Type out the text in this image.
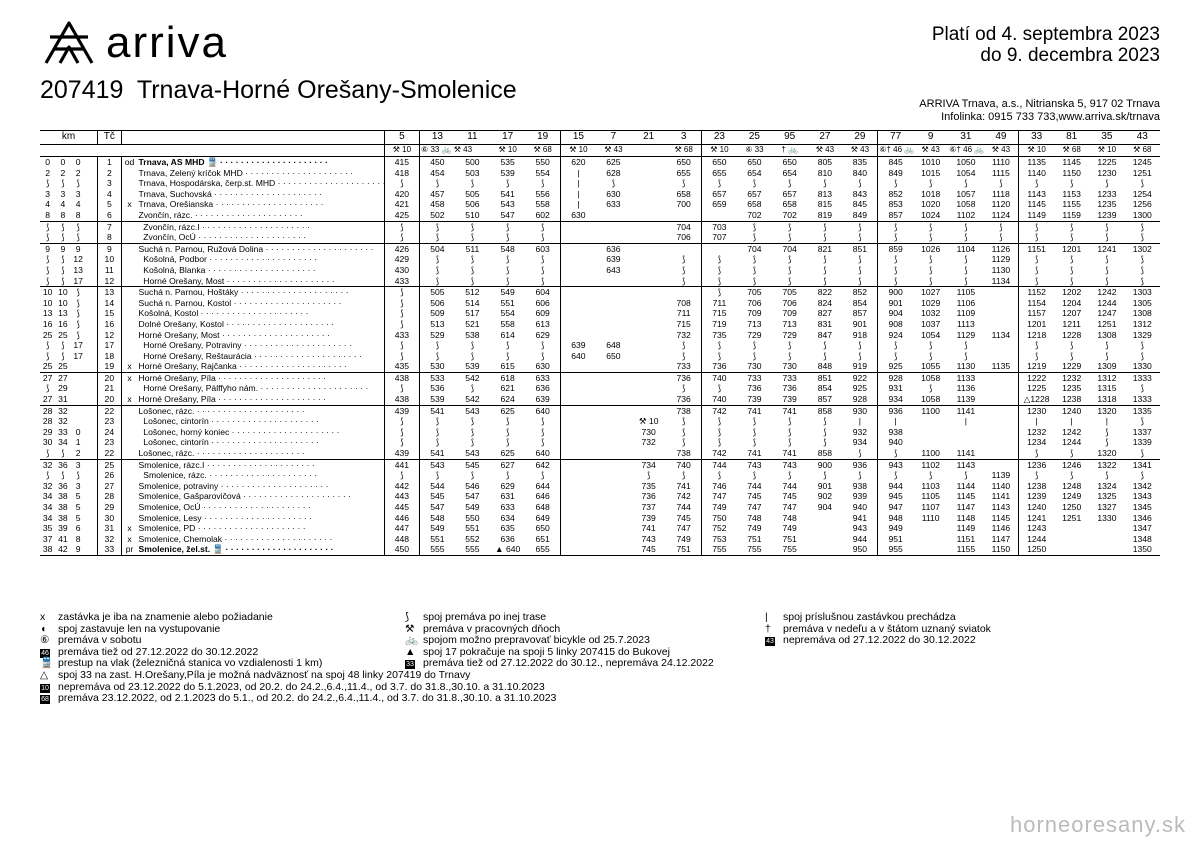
arriva	Platí od 4. septembra 2023
do 9. decembra 2023
207419 Trnava-Horné Orešany-Smolenice	ARRIVA Trnava, a.s., Nitrianska 5, 917 02 Trnava
Infolinka: 0915 733 733,www.arriva.sk/trnava
km				Tč			5	13	11	17	19	15	7	21	3	23	25	95	27	29	77	9	31	49	33	81	35	43
							⚒ 10	⑥ 33 🚲 ⚒ 43		⚒ 10	⚒ 68	⚒ 10	⚒ 43		⚒ 68	⚒ 10	⑥ 33	† 🚲	⚒ 43	⚒ 43	⑥† 46 🚲	⚒ 43	⑥† 46 🚲	⚒ 43	⚒ 10	⚒ 68	⚒ 10	⚒ 68
0	0	0		1	od	Trnava, AS MHD 🚆 · · · · · · · · · · · · · · · · · · · · ·	415	450	500	535	550	620	625		650	650	650	650	805	835	845	1010	1050	1110	1135	1145	1225	1245
2	2	2		2		Trnava, Zelený kríčok MHD · · · · · · · · · · · · · · · · · · · · ·	418	454	503	539	554	|	628		655	655	654	654	810	840	849	1015	1054	1115	1140	1150	1230	1251
⟆	⟆	⟆		3		Trnava, Hospodárska, čerp.st. MHD · · · · · · · · · · · · · · · · · · · · ·	⟆	⟆	⟆	⟆	⟆	|	⟆		⟆	⟆	⟆	⟆	⟆	⟆	⟆	⟆	⟆	⟆	⟆	⟆	⟆	⟆
3	3	3		4		Trnava, Suchovská · · · · · · · · · · · · · · · · · · · · ·	420	457	505	541	556	|	630		658	657	657	657	813	843	852	1018	1057	1118	1143	1153	1233	1254
4	4	4		5	x	Trnava, Orešianska · · · · · · · · · · · · · · · · · · · · ·	421	458	506	543	558	|	633		700	659	658	658	815	845	853	1020	1058	1120	1145	1155	1235	1256
8	8	8		6		Zvončín, rázc. · · · · · · · · · · · · · · · · · · · · ·	425	502	510	547	602	630					702	702	819	849	857	1024	1102	1124	1149	1159	1239	1300
⟆	⟆	⟆		7		Zvončín, rázc.I · · · · · · · · · · · · · · · · · · · · ·	⟆	⟆	⟆	⟆	⟆				704	703	⟆	⟆	⟆	⟆	⟆	⟆	⟆	⟆	⟆	⟆	⟆	⟆
⟆	⟆	⟆		8		Zvončín, OcÚ · · · · · · · · · · · · · · · · · · · · ·	⟆	⟆	⟆	⟆	⟆				706	707	⟆	⟆	⟆	⟆	⟆	⟆	⟆	⟆	⟆	⟆	⟆	⟆
9	9	9		9		Suchá n. Parnou, Ružová Dolina · · · · · · · · · · · · · · · · · · · · ·	426	504	511	548	603		636				704	704	821	851	859	1026	1104	1126	1151	1201	1241	1302
⟆	⟆	12		10		Košolná, Podbor · · · · · · · · · · · · · · · · · · · · ·	429	⟆	⟆	⟆	⟆		639		⟆	⟆	⟆	⟆	⟆	⟆	⟆	⟆	⟆	1129	⟆	⟆	⟆	⟆
⟆	⟆	13		11		Košolná, Blanka · · · · · · · · · · · · · · · · · · · · ·	430	⟆	⟆	⟆	⟆		643		⟆	⟆	⟆	⟆	⟆	⟆	⟆	⟆	⟆	1130	⟆	⟆	⟆	⟆
⟆	⟆	17		12		Horné Orešany, Most · · · · · · · · · · · · · · · · · · · · ·	433	⟆	⟆	⟆	⟆				⟆	⟆	⟆	⟆	⟆	⟆	⟆	⟆	⟆	1134	⟆	⟆	⟆	⟆
10	10	⟆		13		Suchá n. Parnou, Hoštáky · · · · · · · · · · · · · · · · · · · · ·	⟆	505	512	549	604					⟆	705	705	822	852	900	1027	1105		1152	1202	1242	1303
10	10	⟆		14		Suchá n. Parnou, Kostol · · · · · · · · · · · · · · · · · · · · ·	⟆	506	514	551	606				708	711	706	706	824	854	901	1029	1106		1154	1204	1244	1305
13	13	⟆		15		Košolná, Kostol · · · · · · · · · · · · · · · · · · · · ·	⟆	509	517	554	609				711	715	709	709	827	857	904	1032	1109		1157	1207	1247	1308
16	16	⟆		16		Dolné Orešany, Kostol · · · · · · · · · · · · · · · · · · · · ·	⟆	513	521	558	613				715	719	713	713	831	901	908	1037	1113		1201	1211	1251	1312
25	25	⟆		12		Horné Orešany, Most · · · · · · · · · · · · · · · · · · · · ·	433	529	538	614	629				732	735	729	729	847	918	924	1054	1129	1134	1218	1228	1308	1329
⟆	⟆	17		17		Horné Orešany, Potraviny · · · · · · · · · · · · · · · · · · · · ·	⟆	⟆	⟆	⟆	⟆	639	648		⟆	⟆	⟆	⟆	⟆	⟆	⟆	⟆	⟆		⟆	⟆	⟆	⟆
⟆	⟆	17		18		Horné Orešany, Reštaurácia · · · · · · · · · · · · · · · · · · · · ·	⟆	⟆	⟆	⟆	⟆	640	650		⟆	⟆	⟆	⟆	⟆	⟆	⟆	⟆	⟆		⟆	⟆	⟆	⟆
25	25			19	x	Horné Orešany, Rajčanka · · · · · · · · · · · · · · · · · · · · ·	435	530	539	615	630				733	736	730	730	848	919	925	1055	1130	1135	1219	1229	1309	1330
27	27			20	x	Horné Orešany, Píla · · · · · · · · · · · · · · · · · · · · ·	438	533	542	618	633				736	740	733	733	851	922	928	1058	1133		1222	1232	1312	1333
⟆	29			21		Horné Orešany, Pálffyho nám. · · · · · · · · · · · · · · · · · · · · ·	⟆	536	⟆	621	636				⟆	⟆	736	736	854	925	931	⟆	1136		1225	1235	1315	⟆
27	31			20	x	Horné Orešany, Píla · · · · · · · · · · · · · · · · · · · · ·	438	539	542	624	639				736	740	739	739	857	928	934	1058	1139		△1228	1238	1318	1333
28	32			22		Lošonec, rázc. · · · · · · · · · · · · · · · · · · · · ·	439	541	543	625	640				738	742	741	741	858	930	936	1100	1141		1230	1240	1320	1335
28	32			23		Lošonec, cintorín · · · · · · · · · · · · · · · · · · · · ·	⟆	⟆	⟆	⟆	⟆			⚒ 10	⟆	⟆	⟆	⟆	⟆	|	|		|		|	|	|	⟆
29	33	0		24		Lošonec, horný koniec · · · · · · · · · · · · · · · · · · · · ·	⟆	⟆	⟆	⟆	⟆			730	⟆	⟆	⟆	⟆	⟆	932	938				1232	1242	⟆	1337
30	34	1		23		Lošonec, cintorín · · · · · · · · · · · · · · · · · · · · ·	⟆	⟆	⟆	⟆	⟆			732	⟆	⟆	⟆	⟆	⟆	934	940				1234	1244	⟆	1339
⟆	⟆	2		22		Lošonec, rázc. · · · · · · · · · · · · · · · · · · · · ·	439	541	543	625	640				738	742	741	741	858	⟆	⟆	1100	1141		⟆	⟆	1320	⟆
32	36	3		25		Smolenice, rázc.I · · · · · · · · · · · · · · · · · · · · ·	441	543	545	627	642			734	740	744	743	743	900	936	943	1102	1143		1236	1246	1322	1341
⟆	⟆	⟆		26		Smolenice, rázc. · · · · · · · · · · · · · · · · · · · · ·	⟆	⟆	⟆	⟆	⟆			⟆	⟆	⟆	⟆	⟆	⟆	⟆	⟆	⟆	⟆	1139	⟆	⟆	⟆	⟆
32	36	3		27		Smolenice, potraviny · · · · · · · · · · · · · · · · · · · · ·	442	544	546	629	644			735	741	746	744	744	901	938	944	1103	1144	1140	1238	1248	1324	1342
34	38	5		28		Smolenice, Gašparovičová · · · · · · · · · · · · · · · · · · · · ·	443	545	547	631	646			736	742	747	745	745	902	939	945	1105	1145	1141	1239	1249	1325	1343
34	38	5		29		Smolenice, OcÚ · · · · · · · · · · · · · · · · · · · · ·	445	547	549	633	648			737	744	749	747	747	904	940	947	1107	1147	1143	1240	1250	1327	1345
34	38	5		30		Smolenice, Lesy · · · · · · · · · · · · · · · · · · · · ·	446	548	550	634	649			739	745	750	748	748		941	948	1110	1148	1145	1241	1251	1330	1346
35	39	6		31	x	Smolenice, PD · · · · · · · · · · · · · · · · · · · · ·	447	549	551	635	650			741	747	752	749	749		943	949		1149	1146	1243			1347
37	41	8		32	x	Smolenice, Chemolak · · · · · · · · · · · · · · · · · · · · ·	448	551	552	636	651			743	749	753	751	751		944	951		1151	1147	1244			1348
38	42	9		33	pr	Smolenice, žel.st. 🚆 · · · · · · · · · · · · · · · · · · · · ·	450	555	555	▲ 640	655			745	751	755	755	755		950	955		1155	1150	1250			1350
x zastávka je iba na znamenie alebo požiadanie
◖ spoj zastavuje len na vystupovanie
⑥ premáva v sobotu
46 premáva tiež od 27.12.2022 do 30.12.2022
🚆 prestup na vlak (železničná stanica vo vzdialenosti 1 km)
△ spoj 33 na zast. H.Orešany,Píla je možná nadväznosť na spoj 48 linky 207419 do Trnavy
10 nepremáva od 23.12.2022 do 5.1.2023, od 20.2. do 24.2.,6.4.,11.4., od 3.7. do 31.8.,30.10. a 31.10.2023
68 premáva 23.12.2022, od 2.1.2023 do 5.1., od 20.2. do 24.2.,6.4.,11.4., od 3.7. do 31.8.,30.10. a 31.10.2023
⟆ spoj premáva po inej trase
⚒ premáva v pracovných dňoch
🚲 spojom možno prepravovať bicykle od 25.7.2023
▲ spoj 17 pokračuje na spoji 5 linky 207415 do Bukovej
33 premáva tiež od 27.12.2022 do 30.12., nepremáva 24.12.2022
| spoj príslušnou zastávkou prechádza
† premáva v nedeľu a v štátom uznaný sviatok
43 nepremáva od 27.12.2022 do 30.12.2022
horneoresany.sk
